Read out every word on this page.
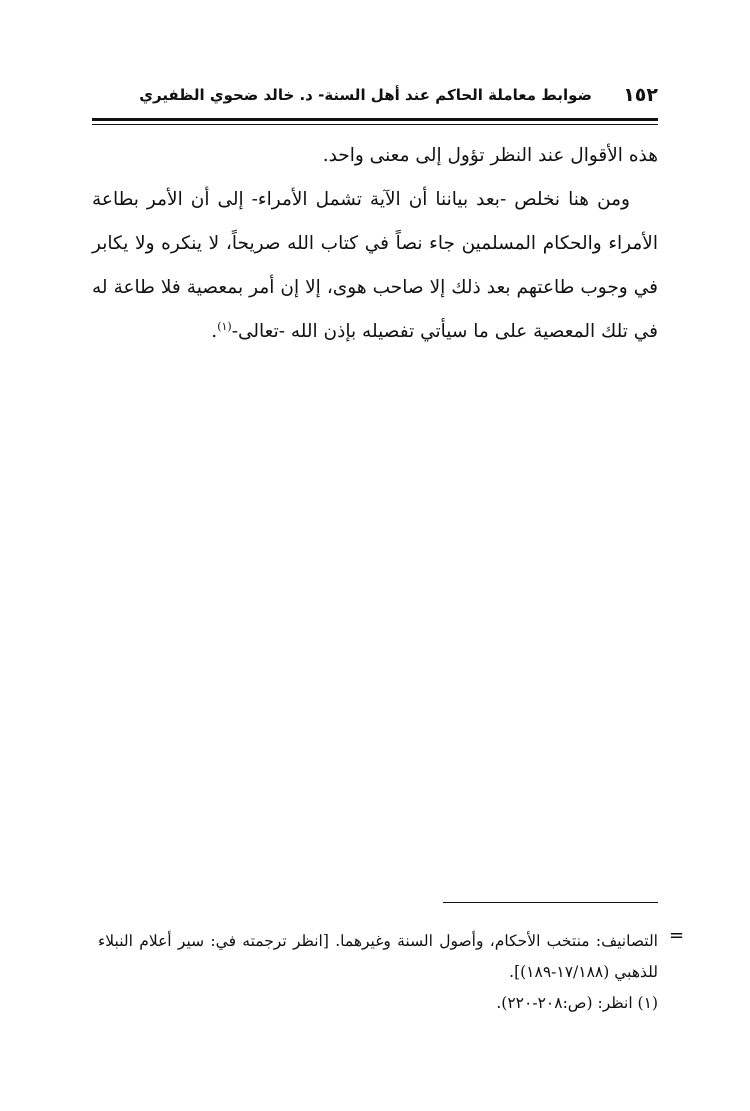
١٥٢
ضوابط معاملة الحاكم عند أهل السنة- د. خالد ضحوي الظفيري

هذه الأقوال عند النظر تؤول إلى معنى واحد.

ومن هنا نخلص -بعد بياننا أن الآية تشمل الأمراء- إلى أن الأمر بطاعة الأمراء والحكام المسلمين جاء نصاً في كتاب الله صريحاً، لا ينكره ولا يكابر في وجوب طاعتهم بعد ذلك إلا صاحب هوى، إلا إن أمر بمعصية فلا طاعة له في تلك المعصية على ما سيأتي تفصيله بإذن الله -تعالى-$^{(١)}$.

=

التصانيف: منتخب الأحكام، وأصول السنة وغيرهما. [انظر ترجمته في: سير أعلام النبلاء للذهبي (١٧/١٨٨-١٨٩)].

(١) انظر: (ص:٢٠٨-٢٢٠).
